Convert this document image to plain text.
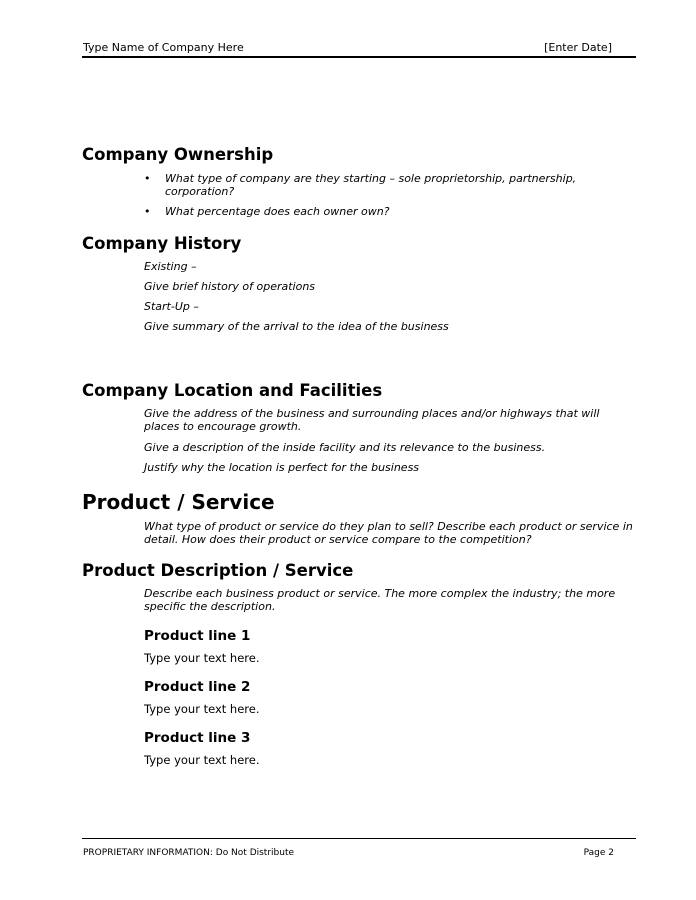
Type Name of Company Here	[Enter Date]
Company Ownership
• What type of company are they starting – sole proprietorship, partnership, corporation?
• What percentage does each owner own?
Company History

Existing –

Give brief history of operations

Start-Up –

Give summary of the arrival to the idea of the business

Company Location and Facilities

Give the address of the business and surrounding places and/or highways that will places to encourage growth.

Give a description of the inside facility and its relevance to the business.

Justify why the location is perfect for the business

Product / Service

What type of product or service do they plan to sell? Describe each product or service in detail. How does their product or service compare to the competition?

Product Description / Service

Describe each business product or service. The more complex the industry; the more specific the description.

Product line 1

Type your text here.

Product line 2

Type your text here.

Product line 3

Type your text here.

PROPRIETARY INFORMATION: Do Not Distribute	Page 2
